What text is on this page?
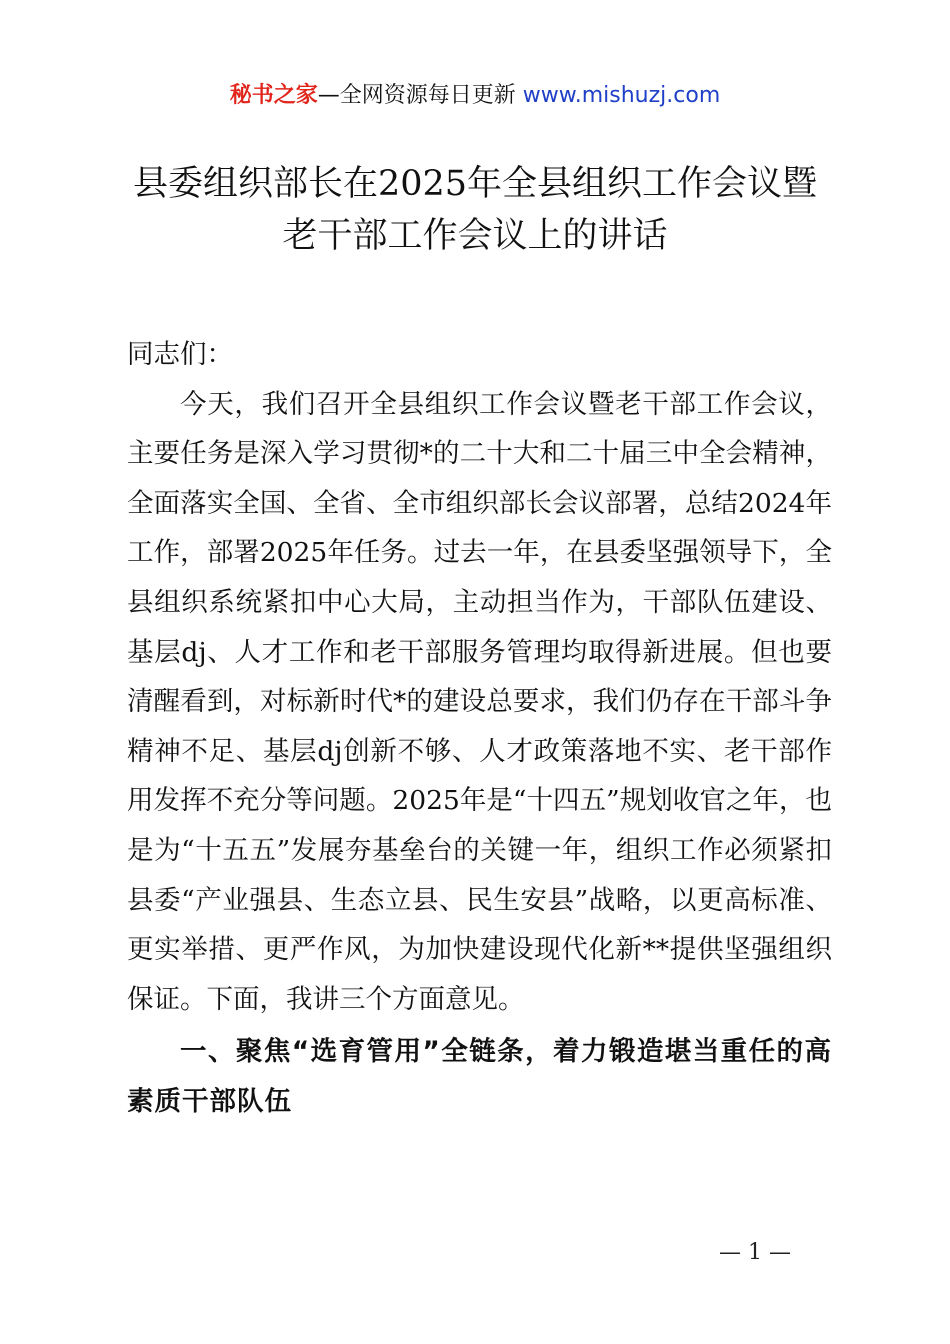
秘书之家—全网资源每日更新 www.mishuzj.com
县委组织部长在2025年全县组织工作会议暨
老干部工作会议上的讲话

同志们：

今天，我们召开全县组织工作会议暨老干部工作会议，主要任务是深入学习贯彻*的二十大和二十届三中全会精神，全面落实全国、全省、全市组织部长会议部署，总结2024年工作，部署2025年任务。过去一年，在县委坚强领导下，全县组织系统紧扣中心大局，主动担当作为，干部队伍建设、基层dj、人才工作和老干部服务管理均取得新进展。但也要清醒看到，对标新时代*的建设总要求，我们仍存在干部斗争精神不足、基层dj创新不够、人才政策落地不实、老干部作用发挥不充分等问题。2025年是“十四五”规划收官之年，也是为“十五五”发展夯基垒台的关键一年，组织工作必须紧扣县委“产业强县、生态立县、民生安县”战略，以更高标准、更实举措、更严作风，为加快建设现代化新**提供坚强组织保证。下面，我讲三个方面意见。

一、聚焦“选育管用”全链条，着力锻造堪当重任的高素质干部队伍

— 1 —
